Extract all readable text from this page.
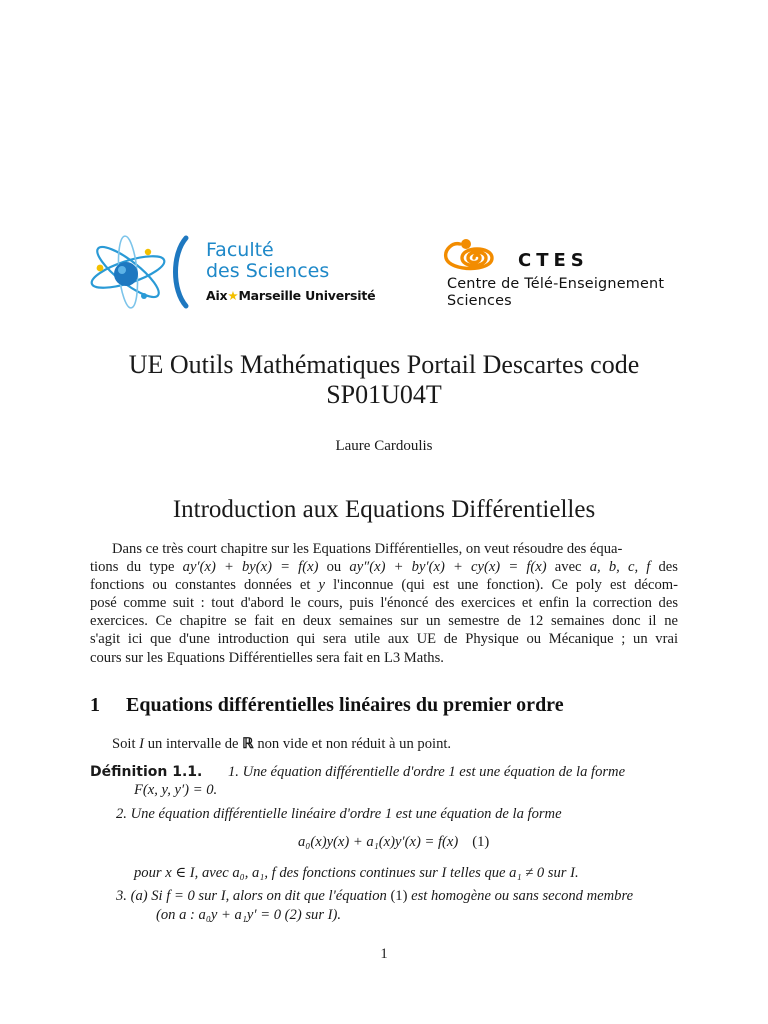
Faculté
des Sciences
Aix★Marseille Université
CTES
Centre de Télé-Enseignement
Sciences
UE Outils Mathématiques Portail Descartes code
SP01U04T
Laure Cardoulis
Introduction aux Equations Différentielles
Dans ce très court chapitre sur les Equations Différentielles, on veut résoudre des équa-
tions du type ay′(x) + by(x) = f(x) ou ay″(x) + by′(x) + cy(x) = f(x) avec a, b, c, f des
fonctions ou constantes données et y l'inconnue (qui est une fonction). Ce poly est décom-
posé comme suit : tout d'abord le cours, puis l'énoncé des exercices et enfin la correction des
exercices. Ce chapitre se fait en deux semaines sur un semestre de 12 semaines donc il ne
s'agit ici que d'une introduction qui sera utile aux UE de Physique ou Mécanique ; un vrai
cours sur les Equations Différentielles sera fait en L3 Maths.
1 Equations différentielles linéaires du premier ordre
Soit I un intervalle de ℝ non vide et non réduit à un point.
Définition 1.1. 1. Une équation différentielle d'ordre 1 est une équation de la forme
F(x, y, y′) = 0.
2. Une équation différentielle linéaire d'ordre 1 est une équation de la forme
a₀(x)y(x) + a₁(x)y′(x) = f(x) (1)
pour x ∈ I, avec a₀, a₁, f des fonctions continues sur I telles que a₁ ≠ 0 sur I.
3. (a) Si f = 0 sur I, alors on dit que l'équation (1) est homogène ou sans second membre
(on a : a₀y + a₁y′ = 0 (2) sur I).
1
